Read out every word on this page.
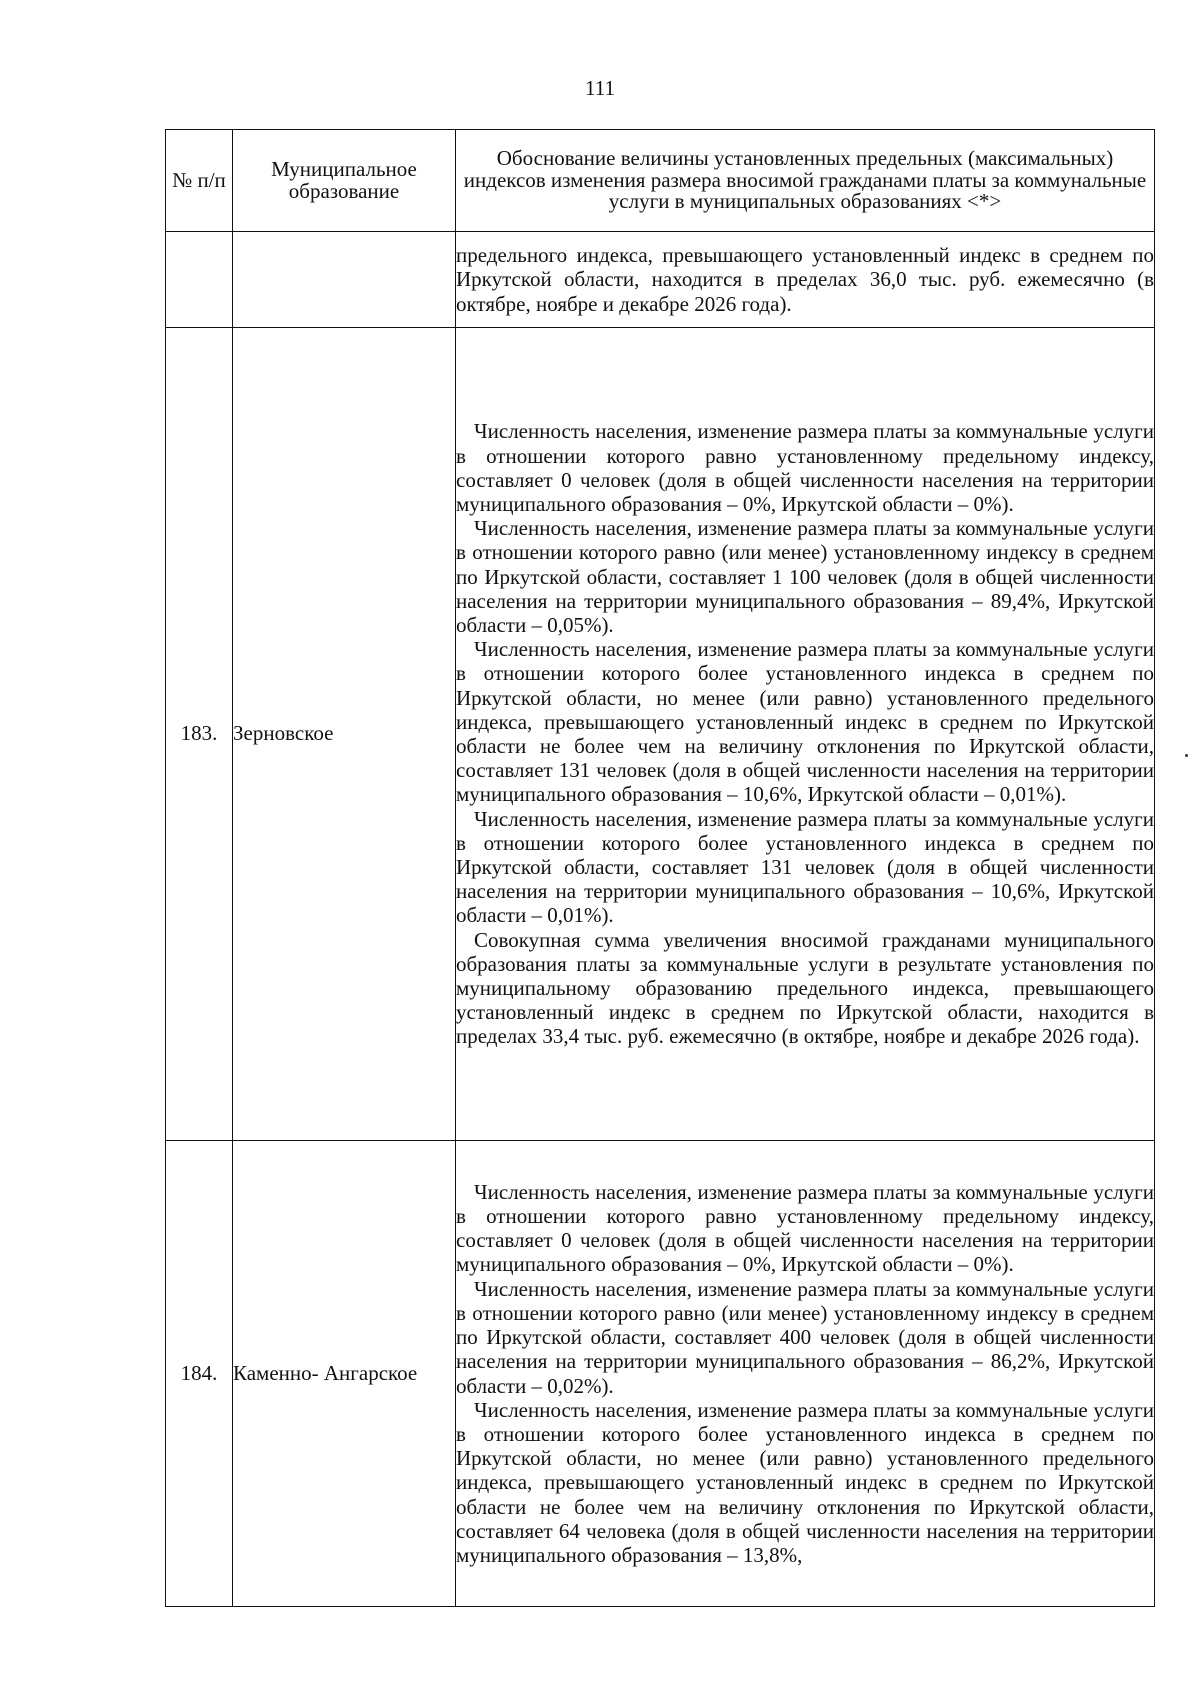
111
№ п/п	Муниципальное образование	Обоснование величины установленных предельных (максимальных) индексов изменения размера вносимой гражданами платы за коммунальные услуги в муниципальных образованиях <*>

		предельного индекса, превышающего установленный индекс в среднем по Иркутской области, находится в пределах 36,0 тыс. руб. ежемесячно (в октябре, ноябре и декабре 2026 года).

183.	Зерновское	Численность населения, изменение размера платы за коммунальные услуги в отношении которого равно установленному предельному индексу, составляет 0 человек (доля в общей численности населения на территории муниципального образования – 0%, Иркутской области – 0%).

Численность населения, изменение размера платы за коммунальные услуги в отношении которого равно (или менее) установленному индексу в среднем по Иркутской области, составляет 1 100 человек (доля в общей численности населения на территории муниципального образования – 89,4%, Иркутской области – 0,05%).

Численность населения, изменение размера платы за коммунальные услуги в отношении которого более установленного индекса в среднем по Иркутской области, но менее (или равно) установленного предельного индекса, превышающего установленный индекс в среднем по Иркутской области не более чем на величину отклонения по Иркутской области, составляет 131 человек (доля в общей численности населения на территории муниципального образования – 10,6%, Иркутской области – 0,01%).

Численность населения, изменение размера платы за коммунальные услуги в отношении которого более установленного индекса в среднем по Иркутской области, составляет 131 человек (доля в общей численности населения на территории муниципального образования – 10,6%, Иркутской области – 0,01%).

Совокупная сумма увеличения вносимой гражданами муниципального образования платы за коммунальные услуги в результате установления по муниципальному образованию предельного индекса, превышающего установленный индекс в среднем по Иркутской области, находится в пределах 33,4 тыс. руб. ежемесячно (в октябре, ноябре и декабре 2026 года).

184.	Каменно- Ангарское	Численность населения, изменение размера платы за коммунальные услуги в отношении которого равно установленному предельному индексу, составляет 0 человек (доля в общей численности населения на территории муниципального образования – 0%, Иркутской области – 0%).

Численность населения, изменение размера платы за коммунальные услуги в отношении которого равно (или менее) установленному индексу в среднем по Иркутской области, составляет 400 человек (доля в общей численности населения на территории муниципального образования – 86,2%, Иркутской области – 0,02%).

Численность населения, изменение размера платы за коммунальные услуги в отношении которого более установленного индекса в среднем по Иркутской области, но менее (или равно) установленного предельного индекса, превышающего установленный индекс в среднем по Иркутской области не более чем на величину отклонения по Иркутской области, составляет 64 человека (доля в общей численности населения на территории муниципального образования – 13,8%,
